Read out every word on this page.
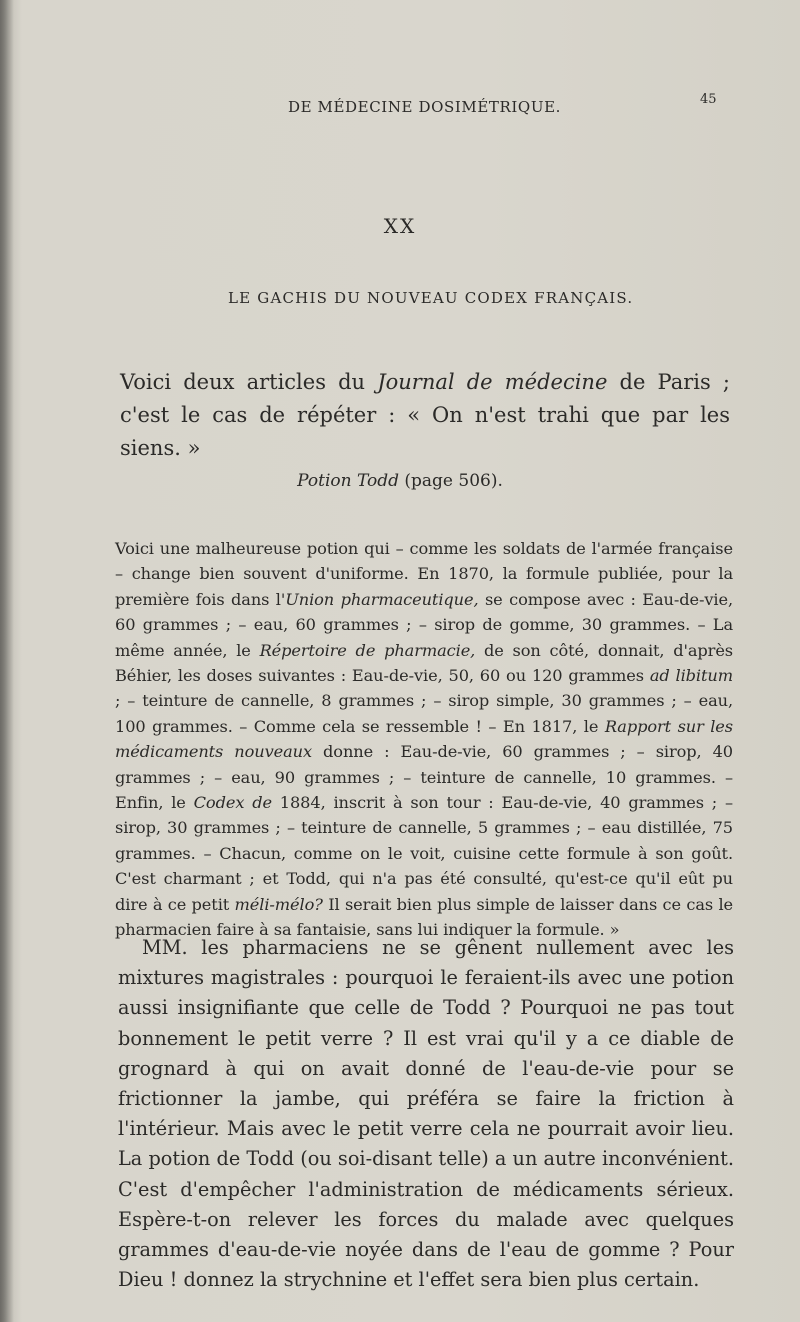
DE MÉDECINE DOSIMÉTRIQUE.	45
XX
LE GACHIS DU NOUVEAU CODEX FRANÇAIS.

Voici deux articles du Journal de médecine de Paris ; c'est le cas de répéter : « On n'est trahi que par les siens. »

Potion Todd (page 506).

Voici une malheureuse potion qui – comme les soldats de l'armée française – change bien souvent d'uniforme. En 1870, la formule publiée, pour la première fois dans l'Union pharmaceutique, se compose avec : Eau-de-vie, 60 grammes ; – eau, 60 grammes ; – sirop de gomme, 30 grammes. – La même année, le Répertoire de pharmacie, de son côté, donnait, d'après Béhier, les doses suivantes : Eau-de-vie, 50, 60 ou 120 grammes ad libitum ; – teinture de cannelle, 8 grammes ; – sirop simple, 30 grammes ; – eau, 100 grammes. – Comme cela se ressemble ! – En 1817, le Rapport sur les médicaments nouveaux donne : Eau-de-vie, 60 grammes ; – sirop, 40 grammes ; – eau, 90 grammes ; – teinture de cannelle, 10 grammes. – Enfin, le Codex de 1884, inscrit à son tour : Eau-de-vie, 40 grammes ; – sirop, 30 grammes ; – teinture de cannelle, 5 grammes ; – eau distillée, 75 grammes. – Chacun, comme on le voit, cuisine cette formule à son goût. C'est charmant ; et Todd, qui n'a pas été consulté, qu'est-ce qu'il eût pu dire à ce petit méli-mélo? Il serait bien plus simple de laisser dans ce cas le pharmacien faire à sa fantaisie, sans lui indiquer la formule. »

MM. les pharmaciens ne se gênent nullement avec les mixtures magistrales : pourquoi le feraient-ils avec une potion aussi insignifiante que celle de Todd ? Pourquoi ne pas tout bonnement le petit verre ? Il est vrai qu'il y a ce diable de grognard à qui on avait donné de l'eau-de-vie pour se frictionner la jambe, qui préféra se faire la friction à l'intérieur. Mais avec le petit verre cela ne pourrait avoir lieu. La potion de Todd (ou soi-disant telle) a un autre inconvénient. C'est d'empêcher l'administration de médicaments sérieux. Espère-t-on relever les forces du malade avec quelques grammes d'eau-de-vie noyée dans de l'eau de gomme ? Pour Dieu ! donnez la strychnine et l'effet sera bien plus certain.
